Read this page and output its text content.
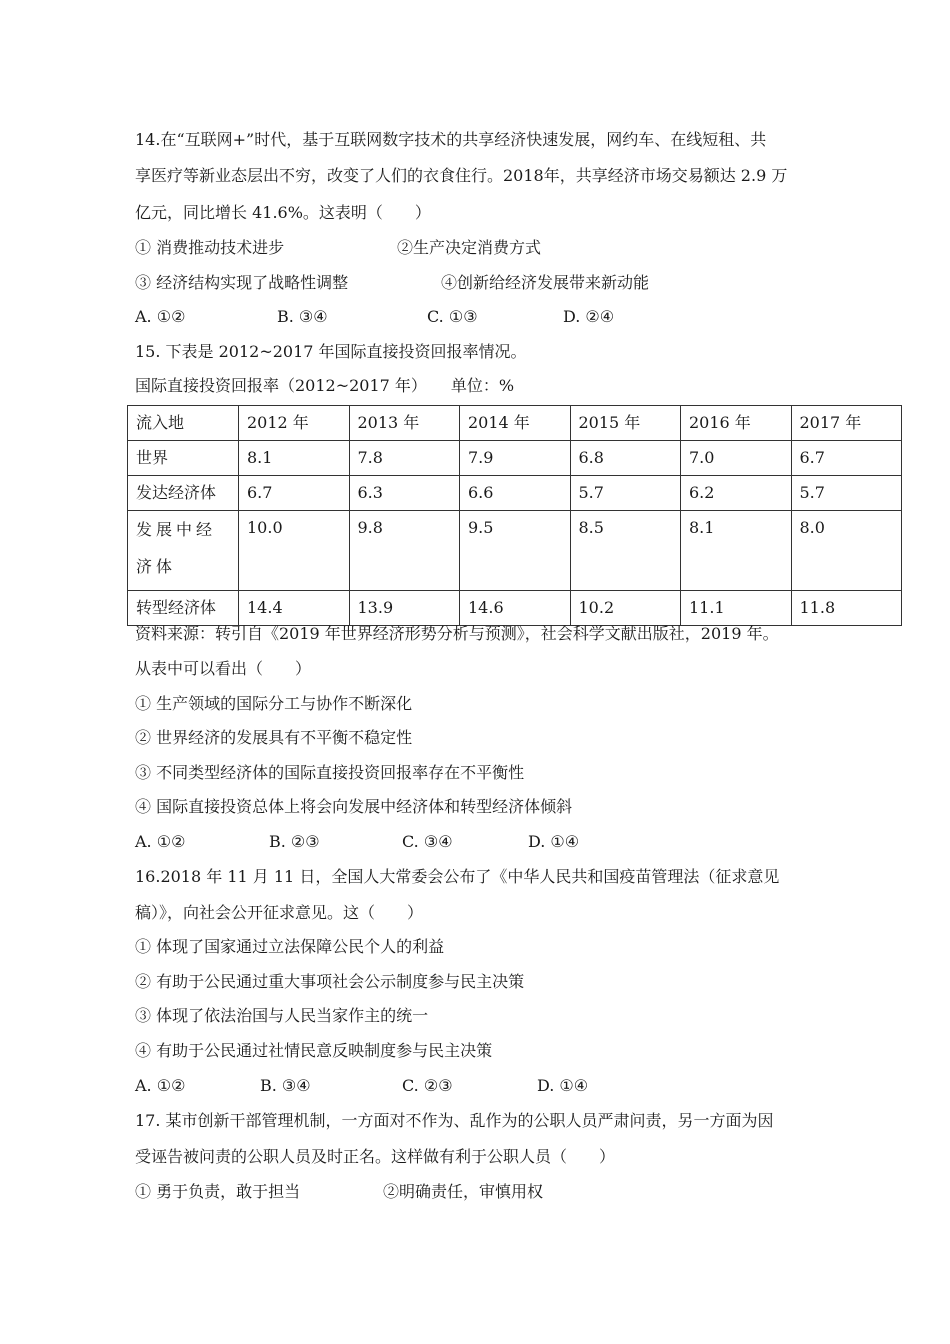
14.在“互联网+”时代，基于互联网数字技术的共享经济快速发展，网约车、在线短租、共
享医疗等新业态层出不穷，改变了人们的衣食住行。2018年，共享经济市场交易额达 2.9 万
亿元，同比增长 41.6%。这表明（　　）
① 消费推动技术进步	②生产决定消费方式
③ 经济结构实现了战略性调整	④创新给经济发展带来新动能
A. ①②	B. ③④	C. ①③	D. ②④
15. 下表是 2012~2017 年国际直接投资回报率情况。
国际直接投资回报率（2012~2017 年）　　单位：%
流入地	2012 年	2013 年	2014 年	2015 年	2016 年	2017 年
世界	8.1	7.8	7.9	6.8	7.0	6.7
发达经济体	6.7	6.3	6.6	5.7	6.2	5.7
发展中经济体	10.0	9.8	9.5	8.5	8.1	8.0
转型经济体	14.4	13.9	14.6	10.2	11.1	11.8
资料来源：转引自《2019 年世界经济形势分析与预测》，社会科学文献出版社，2019 年。
从表中可以看出（　　）
① 生产领域的国际分工与协作不断深化
② 世界经济的发展具有不平衡不稳定性
③ 不同类型经济体的国际直接投资回报率存在不平衡性
④ 国际直接投资总体上将会向发展中经济体和转型经济体倾斜
A. ①②	B. ②③	C. ③④	D. ①④
16.2018 年 11 月 11 日，全国人大常委会公布了《中华人民共和国疫苗管理法（征求意见
稿）》，向社会公开征求意见。这（　　）
① 体现了国家通过立法保障公民个人的利益
② 有助于公民通过重大事项社会公示制度参与民主决策
③ 体现了依法治国与人民当家作主的统一
④ 有助于公民通过社情民意反映制度参与民主决策
A. ①②	B. ③④	C. ②③	D. ①④
17. 某市创新干部管理机制，一方面对不作为、乱作为的公职人员严肃问责，另一方面为因
受诬告被问责的公职人员及时正名。这样做有利于公职人员（　　）
① 勇于负责，敢于担当	②明确责任，审慎用权
